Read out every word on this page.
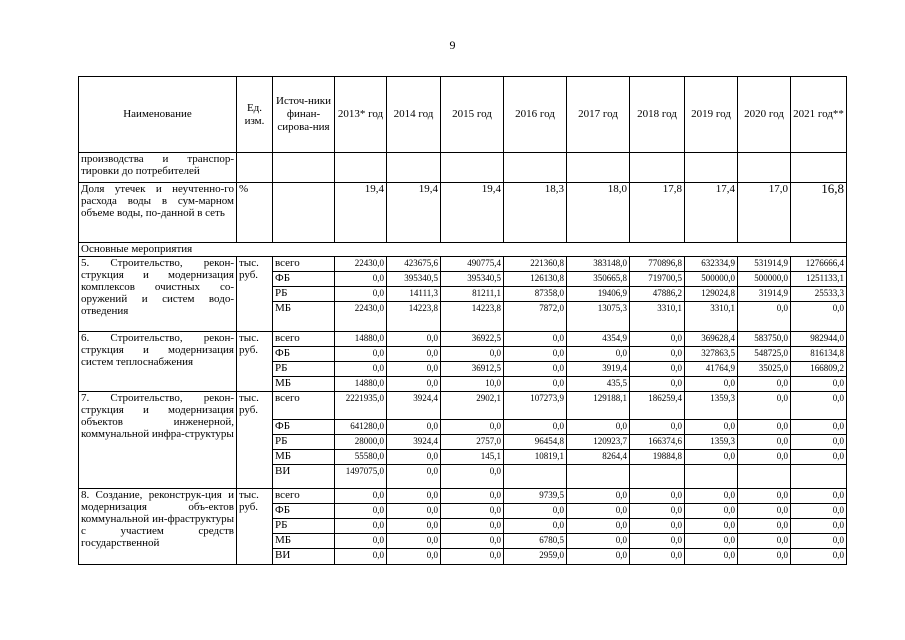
9
Наименование	Ед. изм.	Источ-ники финан-сирова-ния	2013* год	2014 год	2015 год	2016 год	2017 год	2018 год	2019 год	2020 год	2021 год**
производства и транспор-тировки до потребителей											
Доля утечек и неучтенно-го расхода воды в сум-марном объеме воды, по-данной в сеть	%		19,4	19,4	19,4	18,3	18,0	17,8	17,4	17,0	16,8
Основные мероприятия											
5. Строительство, рекон-струкция и модернизация комплексов очистных со-оружений и систем водо-отведения	тыс. руб.	всего	22430,0	423675,6	490775,4	221360,8	383148,0	770896,8	632334,9	531914,9	1276666,4
		ФБ	0,0	395340,5	395340,5	126130,8	350665,8	719700,5	500000,0	500000,0	1251133,1
		РБ	0,0	14111,3	81211,1	87358,0	19406,9	47886,2	129024,8	31914,9	25533,3
		МБ	22430,0	14223,8	14223,8	7872,0	13075,3	3310,1	3310,1	0,0	0,0
6. Строительство, рекон-струкция и модернизация систем теплоснабжения	тыс. руб.	всего	14880,0	0,0	36922,5	0,0	4354,9	0,0	369628,4	583750,0	982944,0
		ФБ	0,0	0,0	0,0	0,0	0,0	0,0	327863,5	548725,0	816134,8
		РБ	0,0	0,0	36912,5	0,0	3919,4	0,0	41764,9	35025,0	166809,2
		МБ	14880,0	0,0	10,0	0,0	435,5	0,0	0,0	0,0	0,0
7. Строительство, рекон-струкция и модернизация объектов инженерной, коммунальной инфра-структуры	тыс. руб.	всего	2221935,0	3924,4	2902,1	107273,9	129188,1	186259,4	1359,3	0,0	0,0
		ФБ	641280,0	0,0	0,0	0,0	0,0	0,0	0,0	0,0	0,0
		РБ	28000,0	3924,4	2757,0	96454,8	120923,7	166374,6	1359,3	0,0	0,0
		МБ	55580,0	0,0	145,1	10819,1	8264,4	19884,8	0,0	0,0	0,0
		ВИ	1497075,0	0,0	0,0						
8. Создание, реконструк-ция и модернизация объ-ектов коммунальной ин-фраструктуры с участием средств государственной	тыс. руб.	всего	0,0	0,0	0,0	9739,5	0,0	0,0	0,0	0,0	0,0
		ФБ	0,0	0,0	0,0	0,0	0,0	0,0	0,0	0,0	0,0
		РБ	0,0	0,0	0,0	0,0	0,0	0,0	0,0	0,0	0,0
		МБ	0,0	0,0	0,0	6780,5	0,0	0,0	0,0	0,0	0,0
		ВИ	0,0	0,0	0,0	2959,0	0,0	0,0	0,0	0,0	0,0
